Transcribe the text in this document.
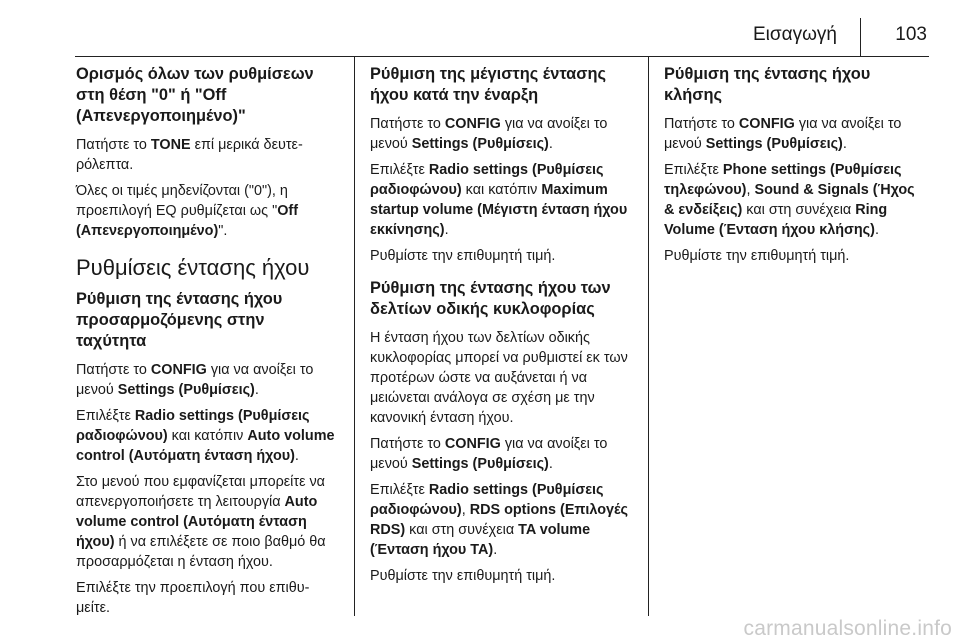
Εισαγωγή	103
Ορισμός όλων των ρυθμίσεων στη θέση "0" ή "Off (Απενεργοποιημένο)"

Πατήστε το TONE επί μερικά δευτερόλεπτα.

Όλες οι τιμές μηδενίζονται ("0"), η προεπιλογή EQ ρυθμίζεται ως "Off (Απενεργοποιημένο)".

Ρυθμίσεις έντασης ήχου
Ρύθμιση της έντασης ήχου προσαρμοζόμενης στην ταχύτητα

Πατήστε το CONFIG για να ανοίξει το μενού Settings (Ρυθμίσεις).

Επιλέξτε Radio settings (Ρυθμίσεις ραδιοφώνου) και κατόπιν Auto volume control (Αυτόματη ένταση ήχου).

Στο μενού που εμφανίζεται μπορείτε να απενεργοποιήσετε τη λειτουργία Auto volume control (Αυτόματη ένταση ήχου) ή να επιλέξετε σε ποιο βαθμό θα προσαρμόζεται η ένταση ήχου.

Επιλέξτε την προεπιλογή που επιθυμείτε.

Ρύθμιση της μέγιστης έντασης ήχου κατά την έναρξη

Πατήστε το CONFIG για να ανοίξει το μενού Settings (Ρυθμίσεις).

Επιλέξτε Radio settings (Ρυθμίσεις ραδιοφώνου) και κατόπιν Maximum startup volume (Μέγιστη ένταση ήχου εκκίνησης).

Ρυθμίστε την επιθυμητή τιμή.

Ρύθμιση της έντασης ήχου των δελτίων οδικής κυκλοφορίας

Η ένταση ήχου των δελτίων οδικής κυκλοφορίας μπορεί να ρυθμιστεί εκ των προτέρων ώστε να αυξάνεται ή να μειώνεται ανάλογα σε σχέση με την κανονική ένταση ήχου.

Πατήστε το CONFIG για να ανοίξει το μενού Settings (Ρυθμίσεις).

Επιλέξτε Radio settings (Ρυθμίσεις ραδιοφώνου), RDS options (Επιλογές RDS) και στη συνέχεια TA volume (Ένταση ήχου TA).

Ρυθμίστε την επιθυμητή τιμή.

Ρύθμιση της έντασης ήχου κλήσης

Πατήστε το CONFIG για να ανοίξει το μενού Settings (Ρυθμίσεις).

Επιλέξτε Phone settings (Ρυθμίσεις τηλεφώνου), Sound & Signals (Ήχος & ενδείξεις) και στη συνέχεια Ring Volume (Ένταση ήχου κλήσης).

Ρυθμίστε την επιθυμητή τιμή.

carmanualsonline.info
